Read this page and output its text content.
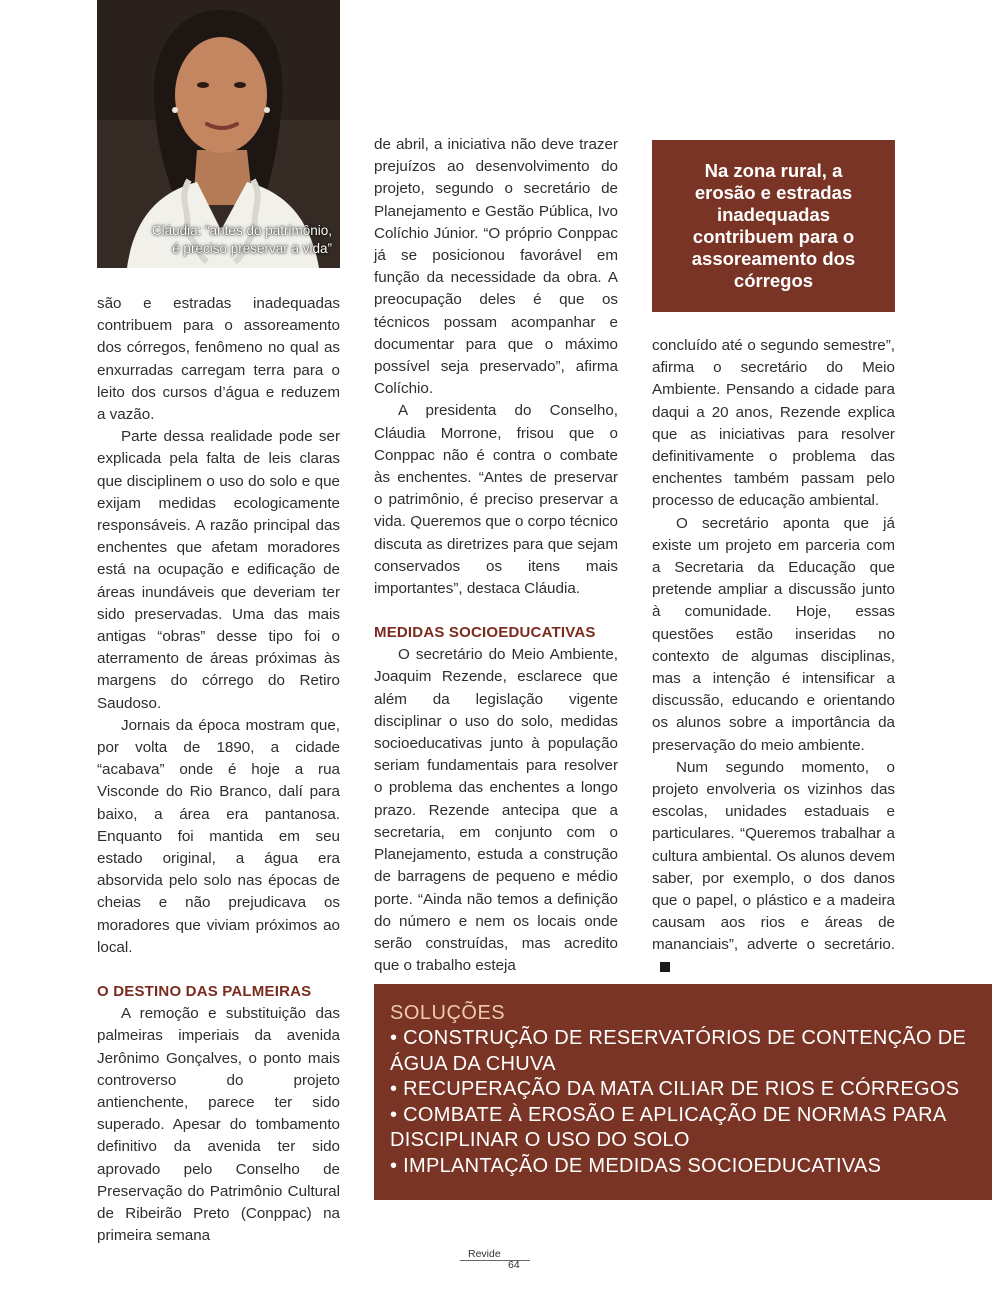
Cláudia: “antes do patrimônio,
é preciso preservar a vida”

são e estradas inadequadas contribuem para o assoreamento dos córregos, fenômeno no qual as enxurradas carregam terra para o leito dos cursos d’água e reduzem a vazão.

Parte dessa realidade pode ser explicada pela falta de leis claras que disciplinem o uso do solo e que exijam medidas ecologicamente responsáveis. A razão principal das enchentes que afetam moradores está na ocupação e edificação de áreas inundáveis que deveriam ter sido preservadas. Uma das mais antigas “obras” desse tipo foi o aterramento de áreas próximas às margens do córrego do Retiro Saudoso.

Jornais da época mostram que, por volta de 1890, a cidade “acabava” onde é hoje a rua Visconde do Rio Branco, dalí para baixo, a área era pantanosa. Enquanto foi mantida em seu estado original, a água era absorvida pelo solo nas épocas de cheias e não prejudicava os moradores que viviam próximos ao local.

O DESTINO DAS PALMEIRAS

A remoção e substituição das palmeiras imperiais da avenida Jerônimo Gonçalves, o ponto mais controverso do projeto antienchente, parece ter sido superado. Apesar do tombamento definitivo da avenida ter sido aprovado pelo Conselho de Preservação do Patrimônio Cultural de Ribeirão Preto (Conppac) na primeira semana

de abril, a iniciativa não deve trazer prejuízos ao desenvolvimento do projeto, segundo o secretário de Planejamento e Gestão Pública, Ivo Colíchio Júnior. “O próprio Conppac já se posicionou favorável em função da necessidade da obra. A preocupação deles é que os técnicos possam acompanhar e documentar para que o máximo possível seja preservado”, afirma Colíchio.

A presidenta do Conselho, Cláudia Morrone, frisou que o Conppac não é contra o combate às enchentes. “Antes de preservar o patrimônio, é preciso preservar a vida. Queremos que o corpo técnico discuta as diretrizes para que sejam conservados os itens mais importantes”, destaca Cláudia.

MEDIDAS SOCIOEDUCATIVAS

O secretário do Meio Ambiente, Joaquim Rezende, esclarece que além da legislação vigente disciplinar o uso do solo, medidas socioeducativas junto à população seriam fundamentais para resolver o problema das enchentes a longo prazo. Rezende antecipa que a secretaria, em conjunto com o Planejamento, estuda a construção de barragens de pequeno e médio porte. “Ainda não temos a definição do número e nem os locais onde serão construídas, mas acredito que o trabalho esteja

Na zona rural, a erosão e estradas inadequadas contribuem para o assoreamento dos córregos

concluído até o segundo semestre”, afirma o secretário do Meio Ambiente. Pensando a cidade para daqui a 20 anos, Rezende explica que as iniciativas para resolver definitivamente o problema das enchentes também passam pelo processo de educação ambiental.

O secretário aponta que já existe um projeto em parceria com a Secretaria da Educação que pretende ampliar a discussão junto à comunidade. Hoje, essas questões estão inseridas no contexto de algumas disciplinas, mas a intenção é intensificar a discussão, educando e orientando os alunos sobre a importância da preservação do meio ambiente.

Num segundo momento, o projeto envolveria os vizinhos das escolas, unidades estaduais e particulares. “Queremos trabalhar a cultura ambiental. Os alunos devem saber, por exemplo, o dos danos que o papel, o plástico e a madeira causam aos rios e áreas de mananciais”, adverte o secretário.

SOLUÇÕES
• CONSTRUÇÃO DE RESERVATÓRIOS DE CONTENÇÃO DE ÁGUA DA CHUVA
• RECUPERAÇÃO DA MATA CILIAR DE RIOS E CÓRREGOS
• COMBATE À EROSÃO E APLICAÇÃO DE NORMAS PARA DISCIPLINAR O USO DO SOLO
• IMPLANTAÇÃO DE MEDIDAS SOCIOEDUCATIVAS
Revide
64
